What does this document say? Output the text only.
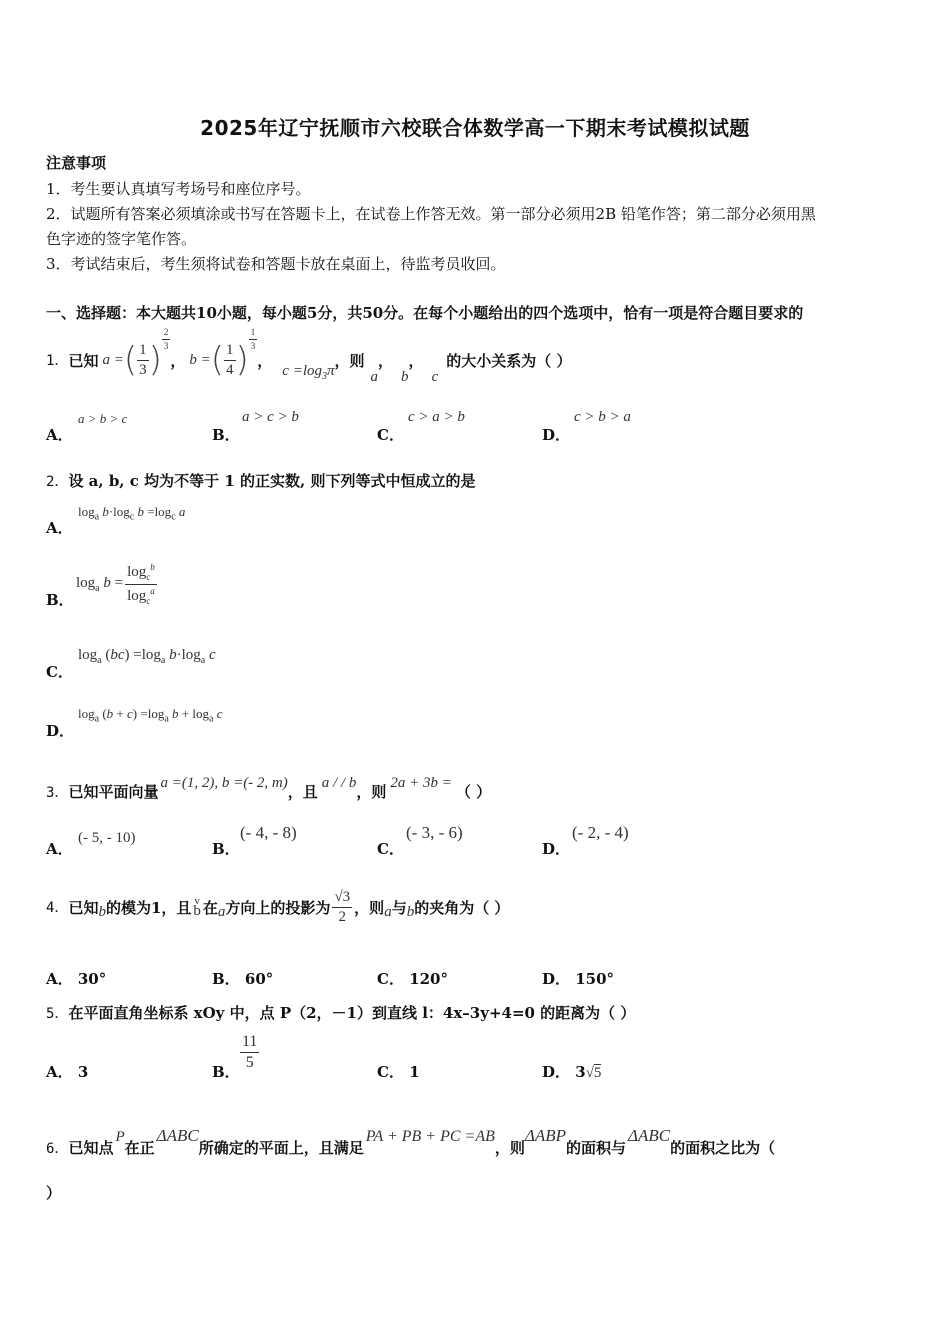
2025年辽宁抚顺市六校联合体数学高一下期末考试模拟试题
注意事项
1．考生要认真填写考场号和座位序号。
2．试题所有答案必须填涂或书写在答题卡上，在试卷上作答无效。第一部分必须用2B 铅笔作答；第二部分必须用黑
色字迹的签字笔作答。
3．考试结束后，考生须将试卷和答题卡放在桌面上，待监考员收回。
一、选择题：本大题共10小题，每小题5分，共50分。在每个小题给出的四个选项中，恰有一项是符合题目要求的
1． 已知 a = ( $\frac{1}{3}$ )
$\frac{2}{3}$
， b = ( $\frac{1}{4}$ )
$\frac{1}{3}$
，
$c =\log_3\pi$
，则
a
，
b
，
c
的大小关系为（ ）
A．
a > b > c
B．
a > c > b
C．
c > a > b
D．
c > b > a
2．设 a, b, c 均为不等于 1 的正实数, 则下列等式中恒成立的是
A．
$\log_a b\cdot\log_c$ $b =\log_c$ a
B．
$\log_a b = \frac{\log_c^b}{\log_c^a}$
C．
$\log_a (bc) =\log_a$ $b\cdot\log_a$ c
D．
$\log_a (b + c) =\log_a$ $b + \log_a c$
3． 已知平面向量 a =(1, 2), b =(- 2, m) ，且 a / / b ，则 2a + 3b = （ ）
A．
(- 5, - 10)
B．
(- 4, - 8)
C．
(- 3, - 6)
D．
(- 2, - 4)
4． 已知 b 的模为1，且 v
b 在 a 方向上的投影为 $\frac{√3}{2}$ ，则 a 与 b 的夹角为（ ）
A． 30°	B． 60°	C． 120°	D． 150°
5．在平面直角坐标系 xOy 中，点 P（2，－1）到直线 l：4x–3y+4=0 的距离为（ ）
A． 3	B．
$\frac{11}{5}$
C． 1	D． 3√5
6． 已知点
P
在正
ΔABC
所确定的平面上，且满足
PA + PB + PC =AB
，则
ΔABP
的面积与
ΔABC
的面积之比为（
）
